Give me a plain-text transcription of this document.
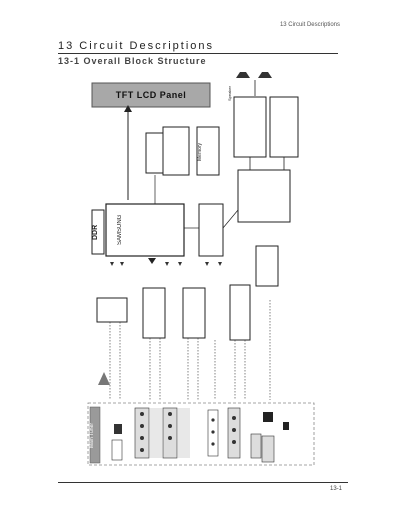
13 Circuit Descriptions
13 Circuit Descriptions
13-1 Overall Block Structure
TFT LCD Panel
DDR	SAMSUNG
Memory
Speaker
Main Tuner
13-1
